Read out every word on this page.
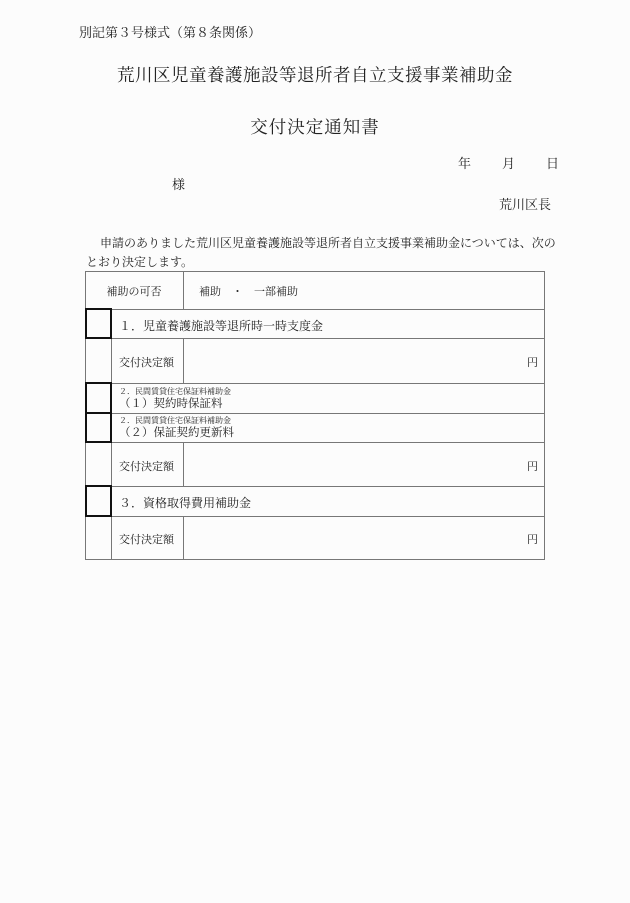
別記第３号様式（第８条関係）
荒川区児童養護施設等退所者自立支援事業補助金
交付決定通知書
年 月 日
様
荒川区長
申請のありました荒川区児童養護施設等退所者自立支援事業補助金については、次のとおり決定します。
補助の可否	補助　・　一部補助
１．児童養護施設等退所時一時支度金
交付決定額	円
２．民間賃貸住宅保証料補助金
（１）契約時保証料
２．民間賃貸住宅保証料補助金
（２）保証契約更新料
交付決定額	円
３．資格取得費用補助金
交付決定額	円
